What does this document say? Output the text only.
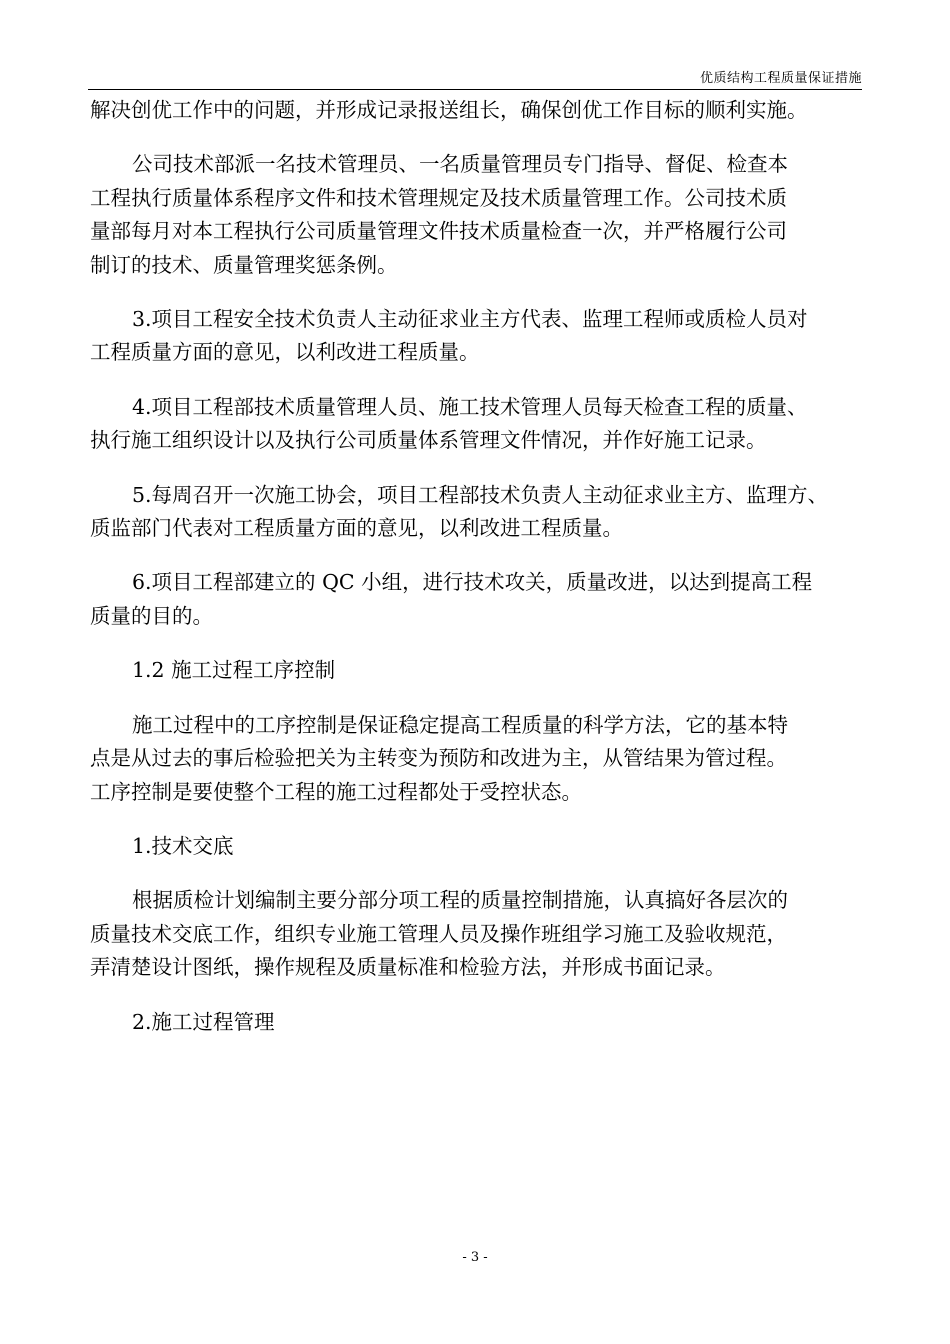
优质结构工程质量保证措施
解决创优工作中的问题，并形成记录报送组长，确保创优工作目标的顺利实施。
公司技术部派一名技术管理员、一名质量管理员专门指导、督促、检查本
工程执行质量体系程序文件和技术管理规定及技术质量管理工作。公司技术质
量部每月对本工程执行公司质量管理文件技术质量检查一次，并严格履行公司
制订的技术、质量管理奖惩条例。
3.项目工程安全技术负责人主动征求业主方代表、监理工程师或质检人员对
工程质量方面的意见，以利改进工程质量。
4.项目工程部技术质量管理人员、施工技术管理人员每天检查工程的质量、
执行施工组织设计以及执行公司质量体系管理文件情况，并作好施工记录。
5.每周召开一次施工协会，项目工程部技术负责人主动征求业主方、监理方、
质监部门代表对工程质量方面的意见，以利改进工程质量。
6.项目工程部建立的 QC 小组，进行技术攻关，质量改进，以达到提高工程
质量的目的。
1.2 施工过程工序控制
施工过程中的工序控制是保证稳定提高工程质量的科学方法，它的基本特
点是从过去的事后检验把关为主转变为预防和改进为主，从管结果为管过程。
工序控制是要使整个工程的施工过程都处于受控状态。
1.技术交底
根据质检计划编制主要分部分项工程的质量控制措施，认真搞好各层次的
质量技术交底工作，组织专业施工管理人员及操作班组学习施工及验收规范，
弄清楚设计图纸，操作规程及质量标准和检验方法，并形成书面记录。
2.施工过程管理
- 3 -
